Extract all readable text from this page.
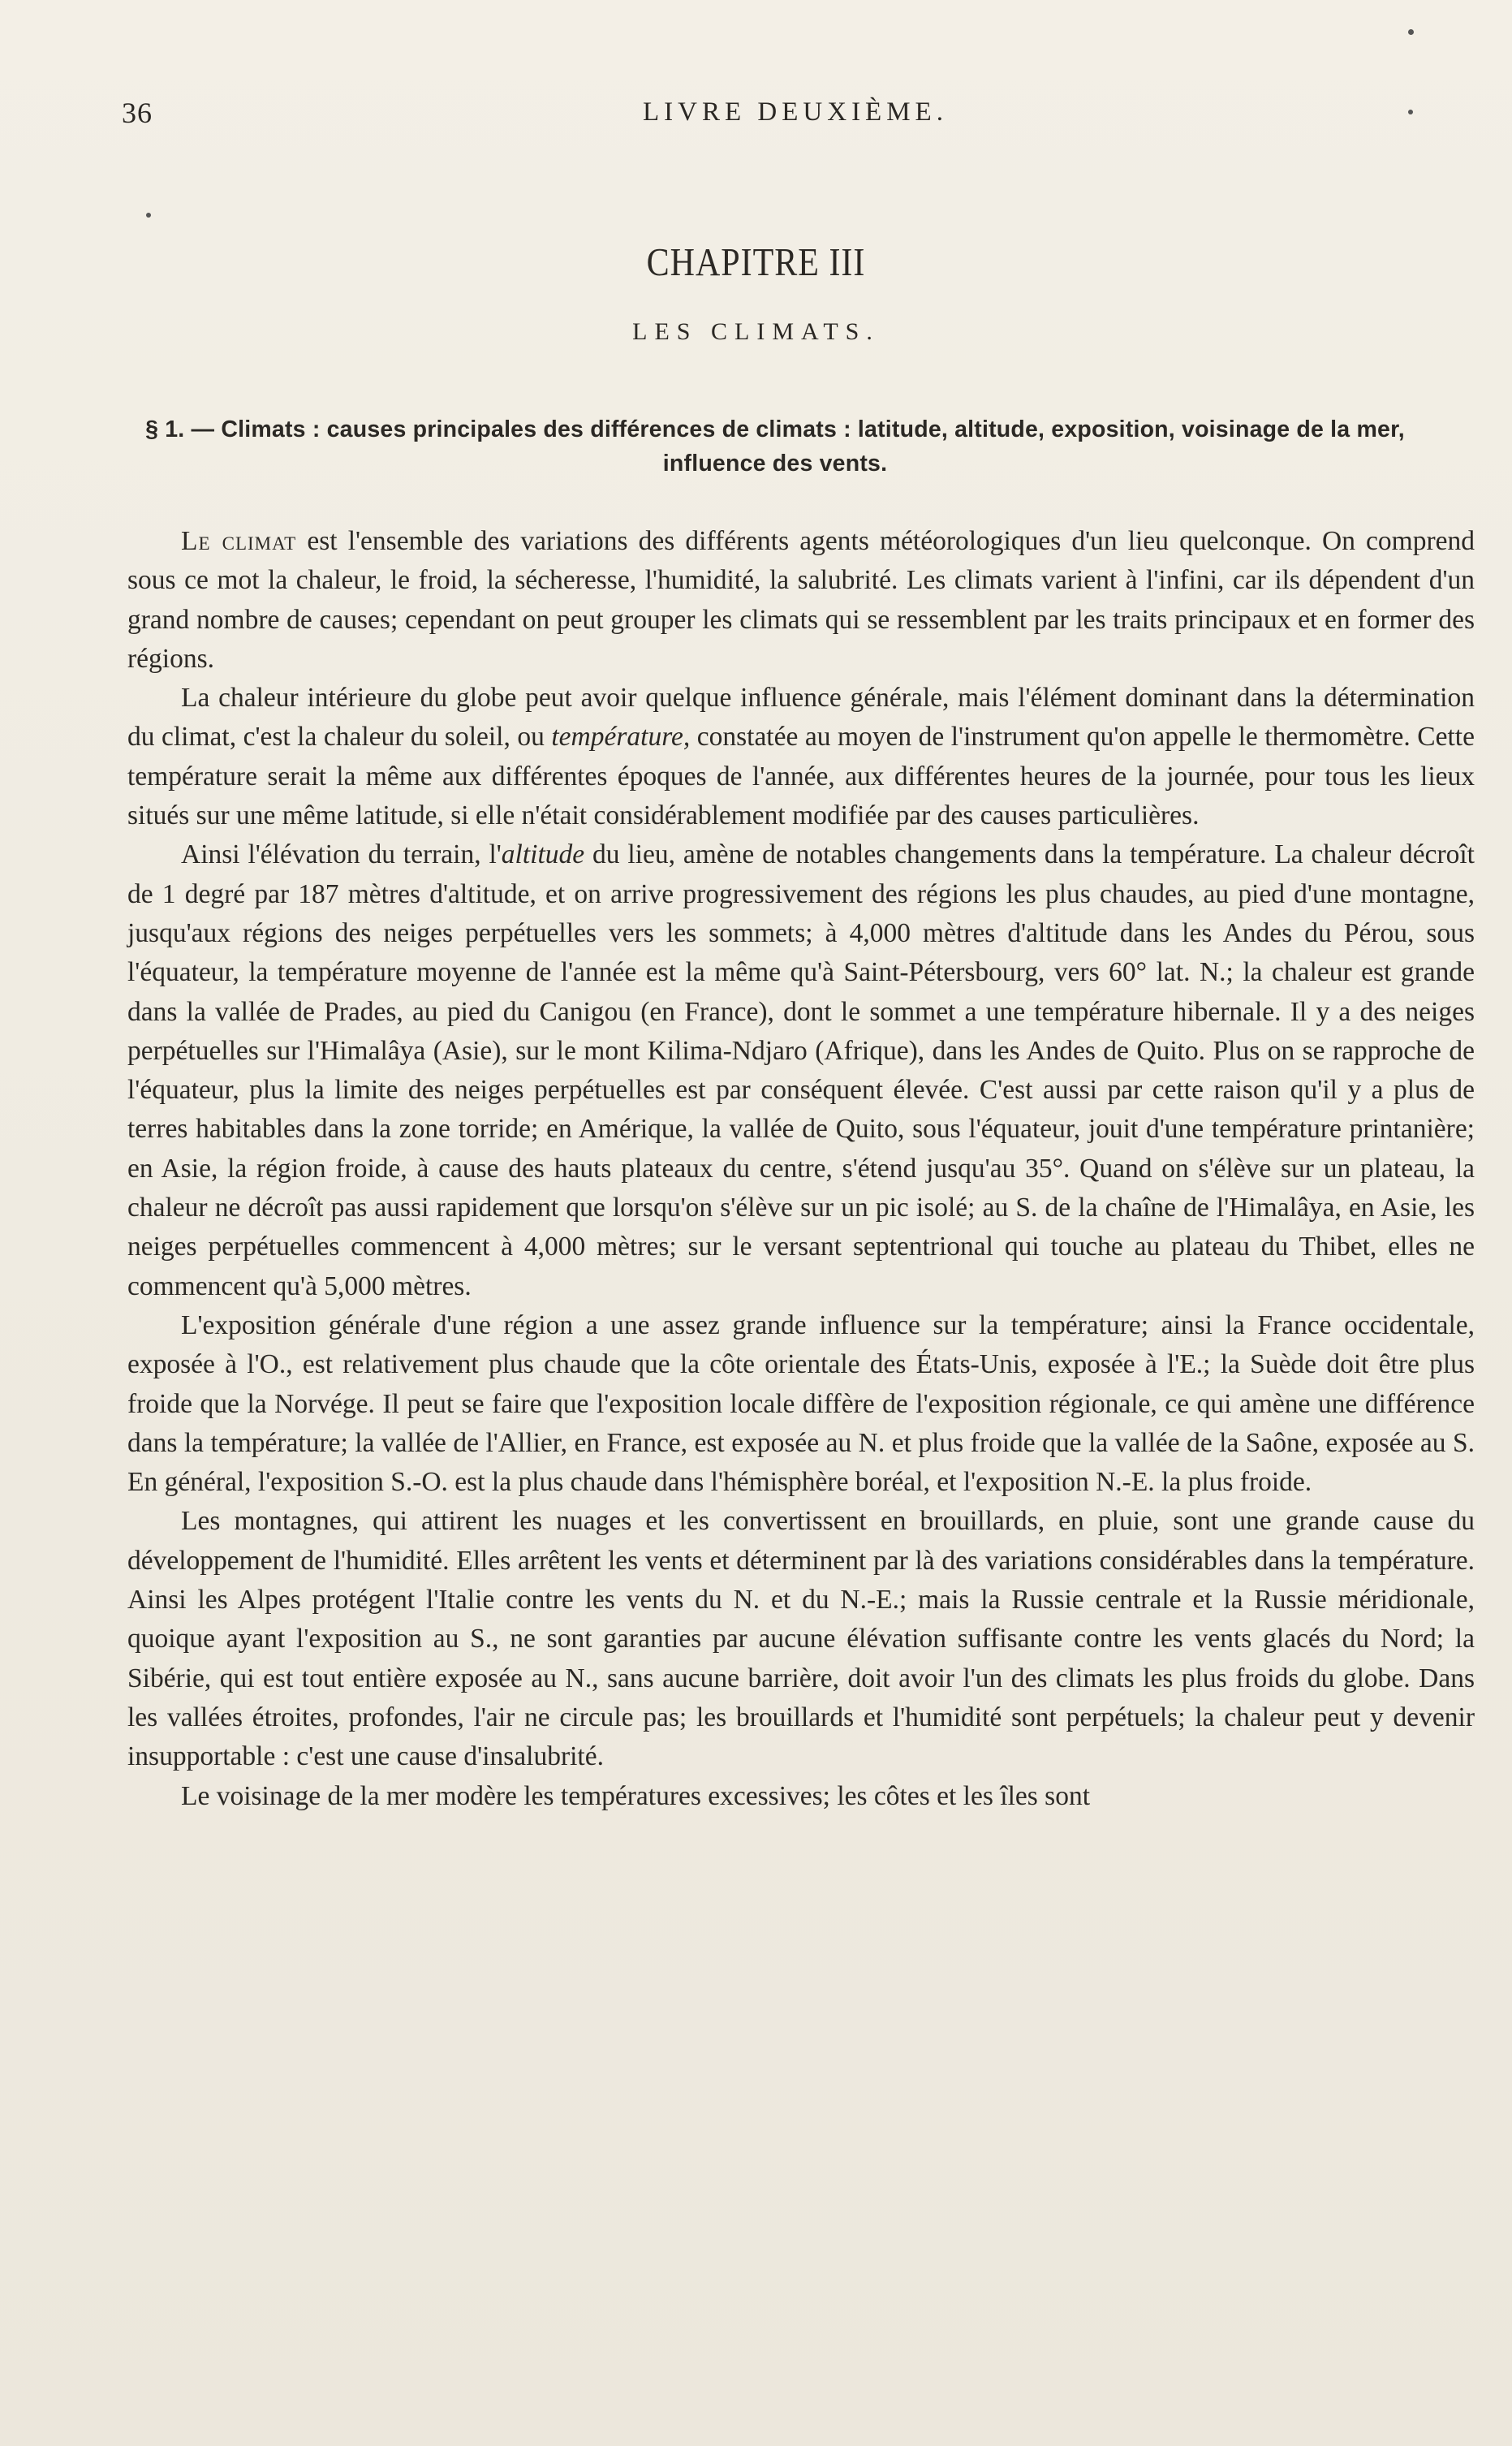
36	LIVRE DEUXIÈME.
CHAPITRE III
LES CLIMATS.
§ 1. — Climats : causes principales des différences de climats : latitude, altitude, exposition, voisinage de la mer, influence des vents.

Le climat est l'ensemble des variations des différents agents météorologiques d'un lieu quelconque. On comprend sous ce mot la chaleur, le froid, la sécheresse, l'humidité, la salubrité. Les climats varient à l'infini, car ils dépendent d'un grand nombre de causes; cependant on peut grouper les climats qui se ressemblent par les traits principaux et en former des régions.

La chaleur intérieure du globe peut avoir quelque influence générale, mais l'élément dominant dans la détermination du climat, c'est la chaleur du soleil, ou température, constatée au moyen de l'instrument qu'on appelle le thermomètre. Cette température serait la même aux différentes époques de l'année, aux différentes heures de la journée, pour tous les lieux situés sur une même latitude, si elle n'était considérablement modifiée par des causes particulières.

Ainsi l'élévation du terrain, l'altitude du lieu, amène de notables changements dans la température. La chaleur décroît de 1 degré par 187 mètres d'altitude, et on arrive progressivement des régions les plus chaudes, au pied d'une montagne, jusqu'aux régions des neiges perpétuelles vers les sommets; à 4,000 mètres d'altitude dans les Andes du Pérou, sous l'équateur, la température moyenne de l'année est la même qu'à Saint-Pétersbourg, vers 60° lat. N.; la chaleur est grande dans la vallée de Prades, au pied du Canigou (en France), dont le sommet a une température hibernale. Il y a des neiges perpétuelles sur l'Himalâya (Asie), sur le mont Kilima-Ndjaro (Afrique), dans les Andes de Quito. Plus on se rapproche de l'équateur, plus la limite des neiges perpétuelles est par conséquent élevée. C'est aussi par cette raison qu'il y a plus de terres habitables dans la zone torride; en Amérique, la vallée de Quito, sous l'équateur, jouit d'une température printanière; en Asie, la région froide, à cause des hauts plateaux du centre, s'étend jusqu'au 35°. Quand on s'élève sur un plateau, la chaleur ne décroît pas aussi rapidement que lorsqu'on s'élève sur un pic isolé; au S. de la chaîne de l'Himalâya, en Asie, les neiges perpétuelles commencent à 4,000 mètres; sur le versant septentrional qui touche au plateau du Thibet, elles ne commencent qu'à 5,000 mètres.

L'exposition générale d'une région a une assez grande influence sur la température; ainsi la France occidentale, exposée à l'O., est relativement plus chaude que la côte orientale des États-Unis, exposée à l'E.; la Suède doit être plus froide que la Norvége. Il peut se faire que l'exposition locale diffère de l'exposition régionale, ce qui amène une différence dans la température; la vallée de l'Allier, en France, est exposée au N. et plus froide que la vallée de la Saône, exposée au S. En général, l'exposition S.-O. est la plus chaude dans l'hémisphère boréal, et l'exposition N.-E. la plus froide.

Les montagnes, qui attirent les nuages et les convertissent en brouillards, en pluie, sont une grande cause du développement de l'humidité. Elles arrêtent les vents et déterminent par là des variations considérables dans la température. Ainsi les Alpes protégent l'Italie contre les vents du N. et du N.-E.; mais la Russie centrale et la Russie méridionale, quoique ayant l'exposition au S., ne sont garanties par aucune élévation suffisante contre les vents glacés du Nord; la Sibérie, qui est tout entière exposée au N., sans aucune barrière, doit avoir l'un des climats les plus froids du globe. Dans les vallées étroites, profondes, l'air ne circule pas; les brouillards et l'humidité sont perpétuels; la chaleur peut y devenir insupportable : c'est une cause d'insalubrité.

Le voisinage de la mer modère les températures excessives; les côtes et les îles sont
